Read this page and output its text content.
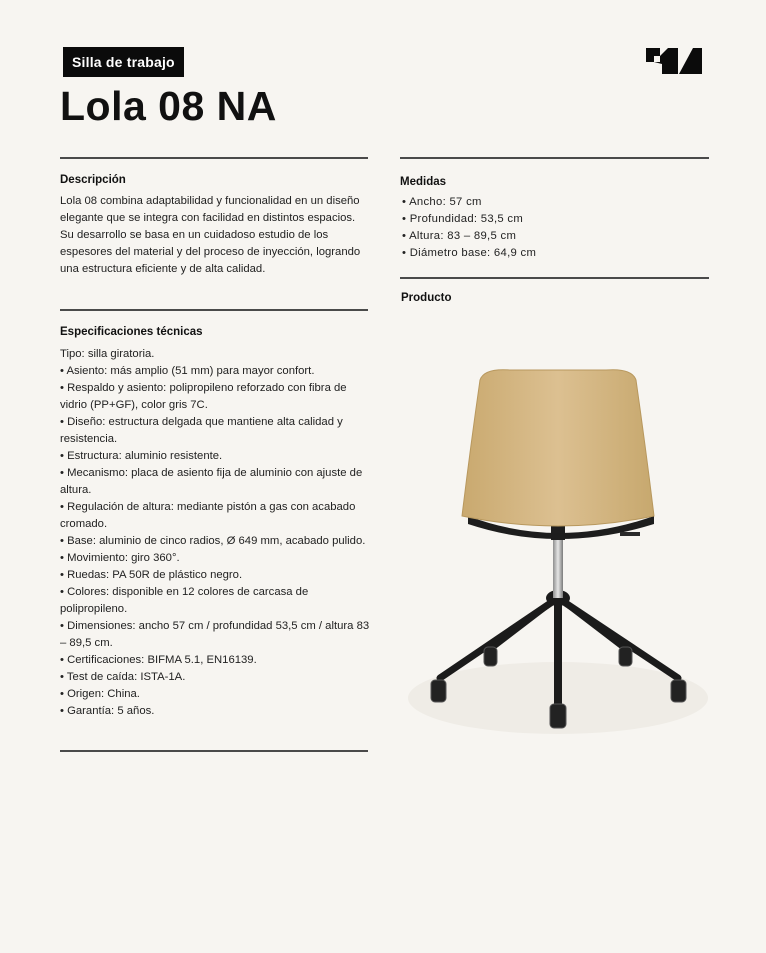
Silla de trabajo
Lola 08 NA
Descripción

Lola 08 combina adaptabilidad y funcionalidad en un diseño elegante que se integra con facilidad en distintos espacios. Su desarrollo se basa en un cuidadoso estudio de los espesores del material y del proceso de inyección, logrando una estructura eficiente y de alta calidad.

Especificaciones técnicas

Tipo: silla giratoria.

• Asiento: más amplio (51 mm) para mayor confort.
• Respaldo y asiento: polipropileno reforzado con fibra de vidrio (PP+GF), color gris 7C.
• Diseño: estructura delgada que mantiene alta calidad y resistencia.
• Estructura: aluminio resistente.
• Mecanismo: placa de asiento fija de aluminio con ajuste de altura.
• Regulación de altura: mediante pistón a gas con acabado cromado.
• Base: aluminio de cinco radios, Ø 649 mm, acabado pulido.
• Movimiento: giro 360°.
• Ruedas: PA 50R de plástico negro.
• Colores: disponible en 12 colores de carcasa de polipropileno.
• Dimensiones: ancho 57 cm / profundidad 53,5 cm / altura 83 – 89,5 cm.
• Certificaciones: BIFMA 5.1, EN16139.
• Test de caída: ISTA-1A.
• Origen: China.
• Garantía: 5 años.
Medidas
• Ancho: 57 cm
• Profundidad: 53,5 cm
• Altura: 83 – 89,5 cm
• Diámetro base: 64,9 cm
Producto
